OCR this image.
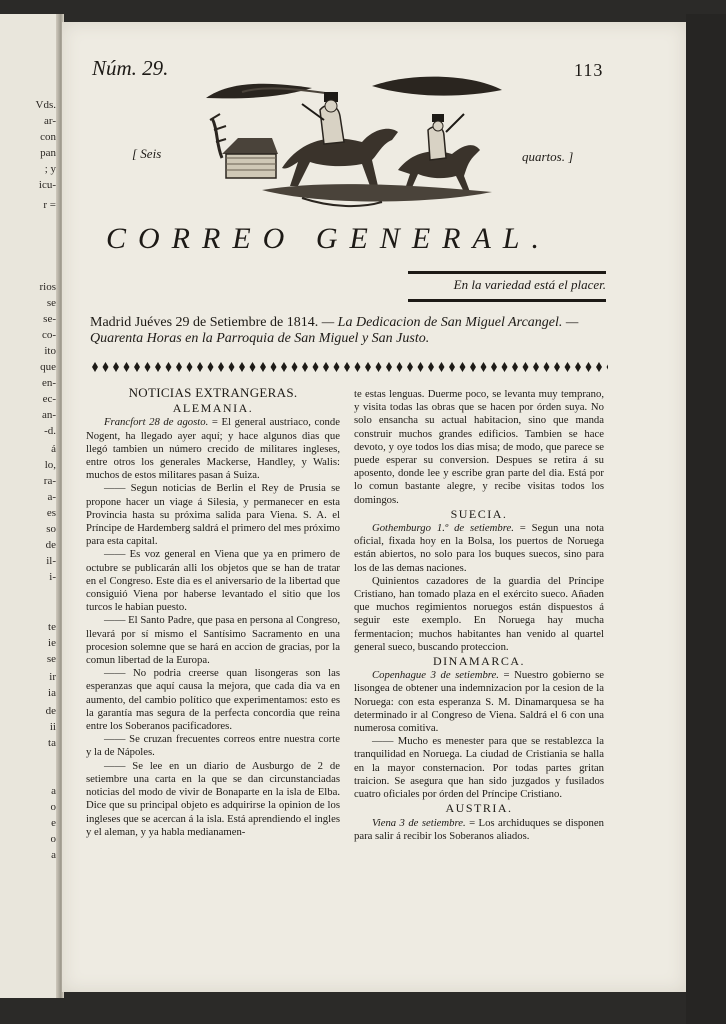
Vds.
ar-
con
pan
; y
icu-
r =
rios
se
se-
co-
ito
que
en-
ec-
an-
-d.
á
lo,
ra-
a-
es
so
de
il-
i-
te
ie
se
ir
ia
de
ii
ta
a
o
e
o
a
Núm. 29.	113
[ Seis	quartos. ]
CORREO GENERAL.
En la variedad está el placer.
Madrid Juéves 29 de Setiembre de 1814. — La Dedicacion de San Miguel Arcangel. — Quarenta Horas en la Parroquia de San Miguel y San Justo.

NOTICIAS EXTRANGERAS.

ALEMANIA.

Francfort 28 de agosto. = El general austriaco, conde Nogent, ha llegado ayer aquí; y hace algunos dias que llegó tambien un número crecido de militares ingleses, entre otros los generales Mackerse, Handley, y Walis: muchos de estos militares pasan á Suiza.

—— Segun noticias de Berlin el Rey de Prusia se propone hacer un viage á Silesia, y permanecer en esta Provincia hasta su próxima salida para Viena. S. A. el Príncipe de Hardemberg saldrá el primero del mes próximo para esta capital.

—— Es voz general en Viena que ya en primero de octubre se publicarán alli los objetos que se han de tratar en el Congreso. Este dia es el aniversario de la libertad que consiguió Viena por haberse levantado el sitio que los turcos le habian puesto.

—— El Santo Padre, que pasa en persona al Congreso, llevará por sí mismo el Santísimo Sacramento en una procesion solemne que se hará en accion de gracias, por la comun libertad de la Europa.

—— No podria creerse quan lisongeras son las esperanzas que aquí causa la mejora, que cada dia va en aumento, del cambio político que experimentamos: esto es la garantía mas segura de la perfecta concordia que reina entre los Soberanos pacificadores.

—— Se cruzan frecuentes correos entre nuestra corte y la de Nápoles.

—— Se lee en un diario de Ausburgo de 2 de setiembre una carta en la que se dan circunstanciadas noticias del modo de vivir de Bonaparte en la isla de Elba. Dice que su principal objeto es adquirirse la opinion de los ingleses que se acercan á la isla. Está aprendiendo el ingles y el aleman, y ya habla medianamen-

te estas lenguas. Duerme poco, se levanta muy temprano, y visita todas las obras que se hacen por órden suya. No solo ensancha su actual habitacion, sino que manda construir muchos grandes edificios. Tambien se hace devoto, y oye todos los dias misa; de modo, que parece se puede esperar su conversion. Despues se retira á su aposento, donde lee y escribe gran parte del dia. Está por lo comun bastante alegre, y recibe visitas todos los domingos.

SUECIA.

Gothemburgo 1.º de setiembre. = Segun una nota oficial, fixada hoy en la Bolsa, los puertos de Noruega están abiertos, no solo para los buques suecos, sino para los de las demas naciones.

Quinientos cazadores de la guardia del Príncipe Cristiano, han tomado plaza en el exército sueco. Añaden que muchos regimientos noruegos están dispuestos á seguir este exemplo. En Noruega hay mucha fermentacion; muchos habitantes han venido al quartel general sueco, buscando proteccion.

DINAMARCA.

Copenhague 3 de setiembre. = Nuestro gobierno se lisongea de obtener una indemnizacion por la cesion de la Noruega: con esta esperanza S. M. Dinamarquesa se ha determinado ir al Congreso de Viena. Saldrá el 6 con una numerosa comitiva.

—— Mucho es menester para que se restablezca la tranquilidad en Noruega. La ciudad de Cristiania se halla en la mayor consternacion. Por todas partes gritan traicion. Se asegura que han sido juzgados y fusilados cuatro oficiales por órden del Príncipe Cristiano.

AUSTRIA.

Viena 3 de setiembre. = Los archiduques se disponen para salir á recibir los Soberanos aliados.
